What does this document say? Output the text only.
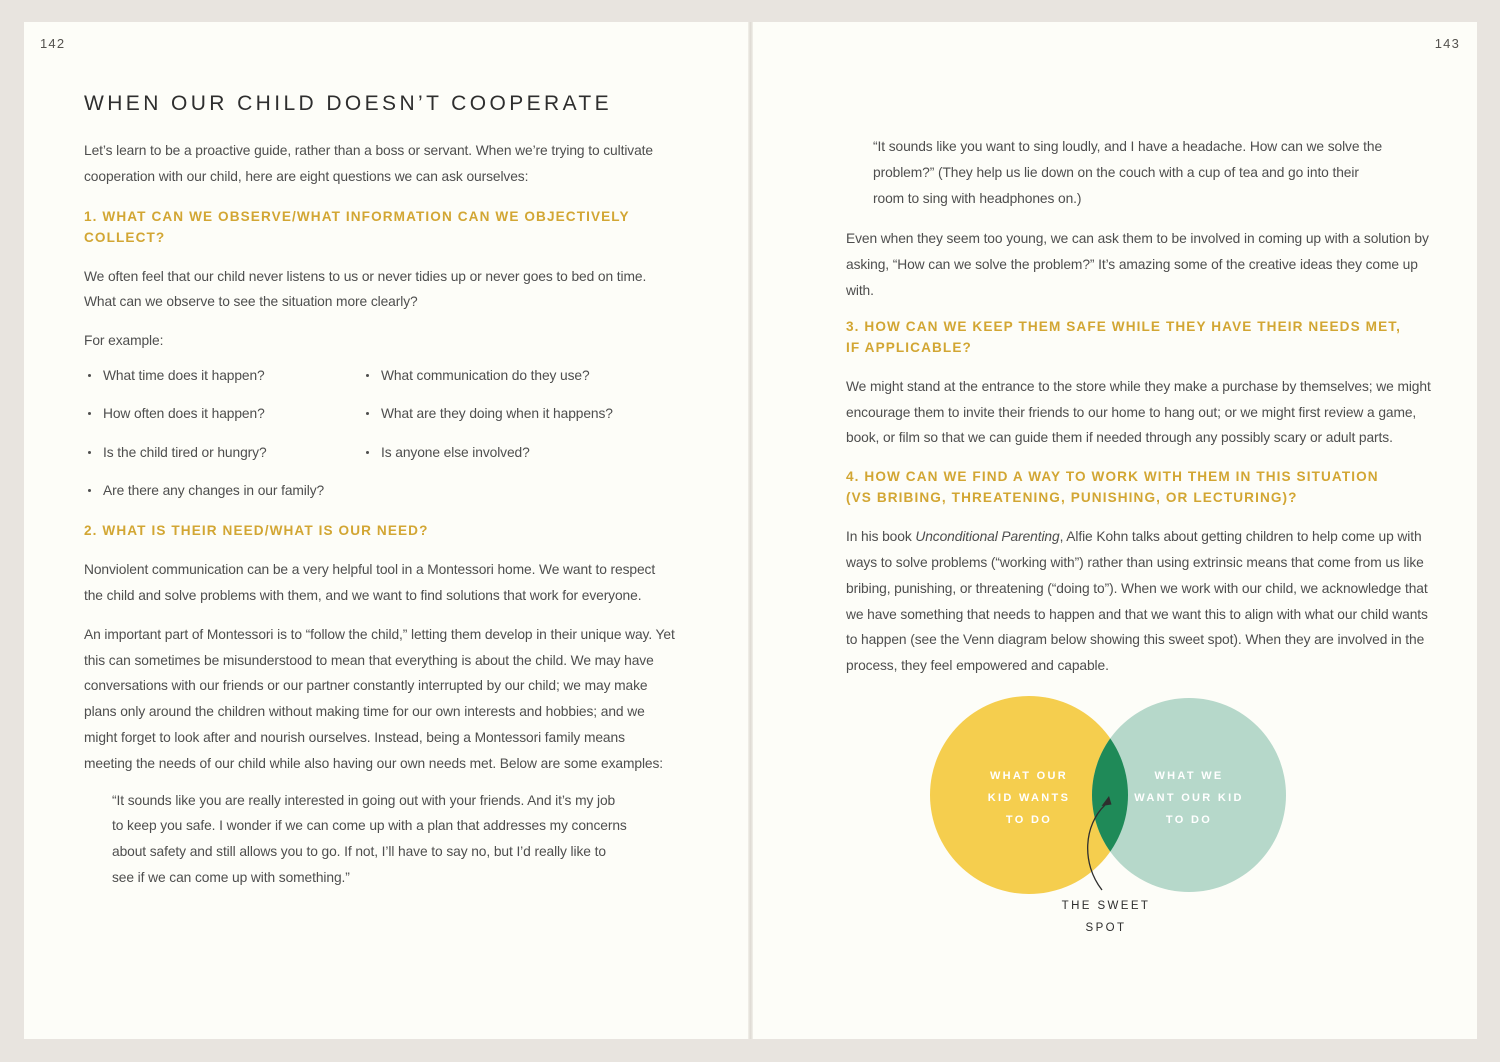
142
WHEN OUR CHILD DOESN’T COOPERATE

Let’s learn to be a proactive guide, rather than a boss or servant. When we’re trying to cultivate cooperation with our child, here are eight questions we can ask ourselves:

1. WHAT CAN WE OBSERVE/WHAT INFORMATION CAN WE OBJECTIVELY
COLLECT?

We often feel that our child never listens to us or never tidies up or never goes to bed on time. What can we observe to see the situation more clearly?

For example:

What time does it happen?
How often does it happen?
Is the child tired or hungry?
Are there any changes in our family?
What communication do they use?
What are they doing when it happens?
Is anyone else involved?
2. WHAT IS THEIR NEED/WHAT IS OUR NEED?

Nonviolent communication can be a very helpful tool in a Montessori home. We want to respect the child and solve problems with them, and we want to find solutions that work for everyone.

An important part of Montessori is to “follow the child,” letting them develop in their unique way. Yet this can sometimes be misunderstood to mean that everything is about the child. We may have conversations with our friends or our partner constantly interrupted by our child; we may make plans only around the children without making time for our own interests and hobbies; and we might forget to look after and nourish ourselves. Instead, being a Montessori family means meeting the needs of our child while also having our own needs met. Below are some examples:

“It sounds like you are really interested in going out with your friends. And it’s my job to keep you safe. I wonder if we can come up with a plan that addresses my concerns about safety and still allows you to go. If not, I’ll have to say no, but I’d really like to see if we can come up with something.”

143

“It sounds like you want to sing loudly, and I have a headache. How can we solve the problem?” (They help us lie down on the couch with a cup of tea and go into their room to sing with headphones on.)

Even when they seem too young, we can ask them to be involved in coming up with a solution by asking, “How can we solve the problem?” It’s amazing some of the creative ideas they come up with.

3. HOW CAN WE KEEP THEM SAFE WHILE THEY HAVE THEIR NEEDS MET,
IF APPLICABLE?

We might stand at the entrance to the store while they make a purchase by themselves; we might encourage them to invite their friends to our home to hang out; or we might first review a game, book, or film so that we can guide them if needed through any possibly scary or adult parts.

4. HOW CAN WE FIND A WAY TO WORK WITH THEM IN THIS SITUATION
(VS BRIBING, THREATENING, PUNISHING, OR LECTURING)?

In his book Unconditional Parenting, Alfie Kohn talks about getting children to help come up with ways to solve problems (“working with”) rather than using extrinsic means that come from us like bribing, punishing, or threatening (“doing to”). When we work with our child, we acknowledge that we have something that needs to happen and that we want this to align with what our child wants to happen (see the Venn diagram below showing this sweet spot). When they are involved in the process, they feel empowered and capable.

WHAT OUR
KID WANTS
TO DO
WHAT WE
WANT OUR KID
TO DO
THE SWEET
SPOT
